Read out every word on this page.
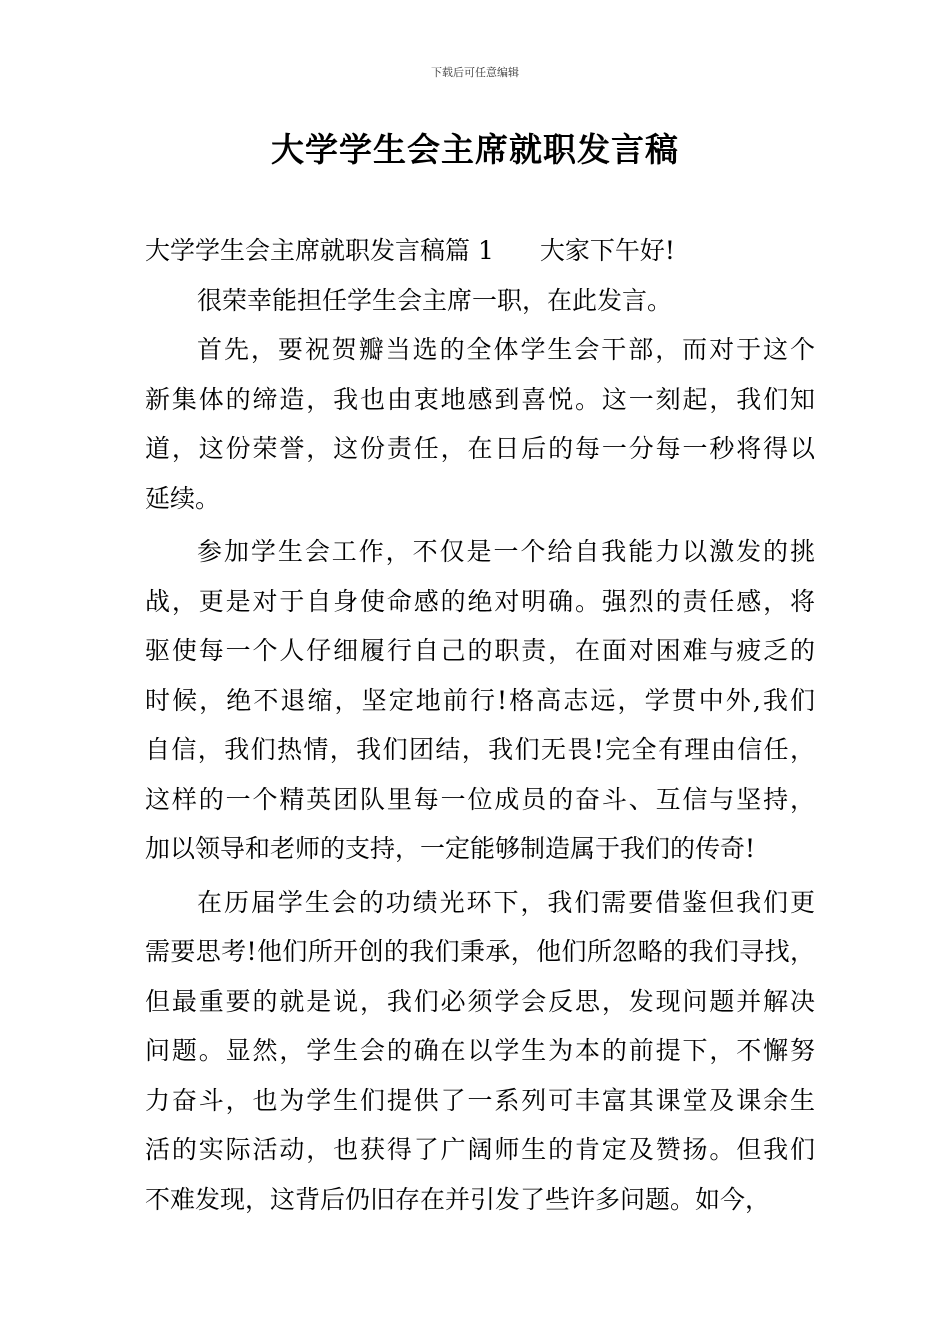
下载后可任意编辑
大学学生会主席就职发言稿
大学学生会主席就职发言稿篇 1 大家下午好!
很荣幸能担任学生会主席一职，在此发言。
首先，要祝贺瓣当选的全体学生会干部，而对于这个
新集体的缔造，我也由衷地感到喜悦。这一刻起，我们知
道，这份荣誉，这份责任，在日后的每一分每一秒将得以
延续。
参加学生会工作，不仅是一个给自我能力以激发的挑
战，更是对于自身使命感的绝对明确。强烈的责任感，将
驱使每一个人仔细履行自己的职责，在面对困难与疲乏的
时候，绝不退缩，坚定地前行!格高志远，学贯中外,我们
自信，我们热情，我们团结，我们无畏!完全有理由信任，
这样的一个精英团队里每一位成员的奋斗、互信与坚持，
加以领导和老师的支持，一定能够制造属于我们的传奇!
在历届学生会的功绩光环下，我们需要借鉴但我们更
需要思考!他们所开创的我们秉承，他们所忽略的我们寻找，
但最重要的就是说，我们必须学会反思，发现问题并解决
问题。显然，学生会的确在以学生为本的前提下，不懈努
力奋斗，也为学生们提供了一系列可丰富其课堂及课余生
活的实际活动，也获得了广阔师生的肯定及赞扬。但我们
不难发现，这背后仍旧存在并引发了些许多问题。如今，
